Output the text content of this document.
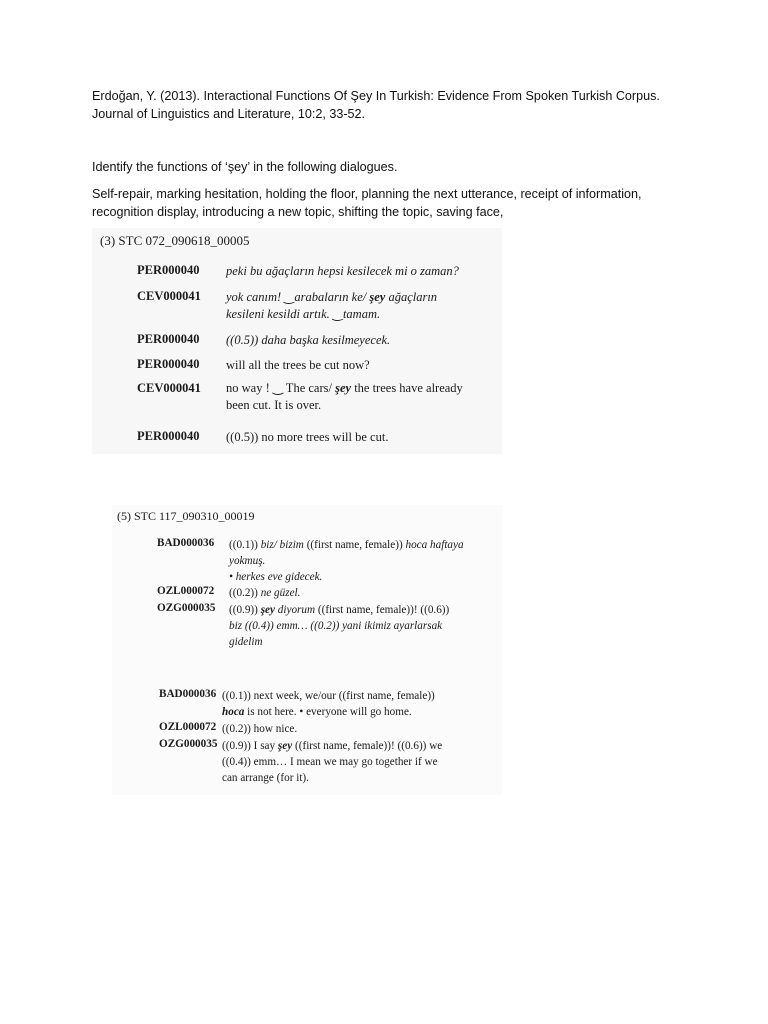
Erdoğan, Y. (2013). Interactional Functions Of Şey In Turkish: Evidence From Spoken Turkish Corpus.
Journal of Linguistics and Literature, 10:2, 33-52.
Identify the functions of ‘şey’ in the following dialogues.
Self-repair, marking hesitation, holding the floor, planning the next utterance, receipt of information,
recognition display, introducing a new topic, shifting the topic, saving face,
(3) STC 072_090618_00005
PER000040 peki bu ağaçların hepsi kesilecek mi o zaman?
CEV000041 yok canım! ‿arabaların ke/ şey ağaçların
kesileni kesildi artık. ‿tamam.
PER000040 ((0.5)) daha başka kesilmeyecek.
PER000040 will all the trees be cut now?
CEV000041 no way ! ‿ The cars/ şey the trees have already
been cut. It is over.
PER000040 ((0.5)) no more trees will be cut.
(5) STC 117_090310_00019
BAD000036 ((0.1)) biz/ bizim ((first name, female)) hoca haftaya
yokmuş.
• herkes eve gidecek.
OZL000072 ((0.2)) ne güzel.
OZG000035 ((0.9)) şey diyorum ((first name, female))! ((0.6))
biz ((0.4)) emm… ((0.2)) yani ikimiz ayarlarsak
gidelim
BAD000036 ((0.1)) next week, we/our ((first name, female))
hoca is not here. • everyone will go home.
OZL000072 ((0.2)) how nice.
OZG000035 ((0.9)) I say şey ((first name, female))! ((0.6)) we
((0.4)) emm… I mean we may go together if we
can arrange (for it).
